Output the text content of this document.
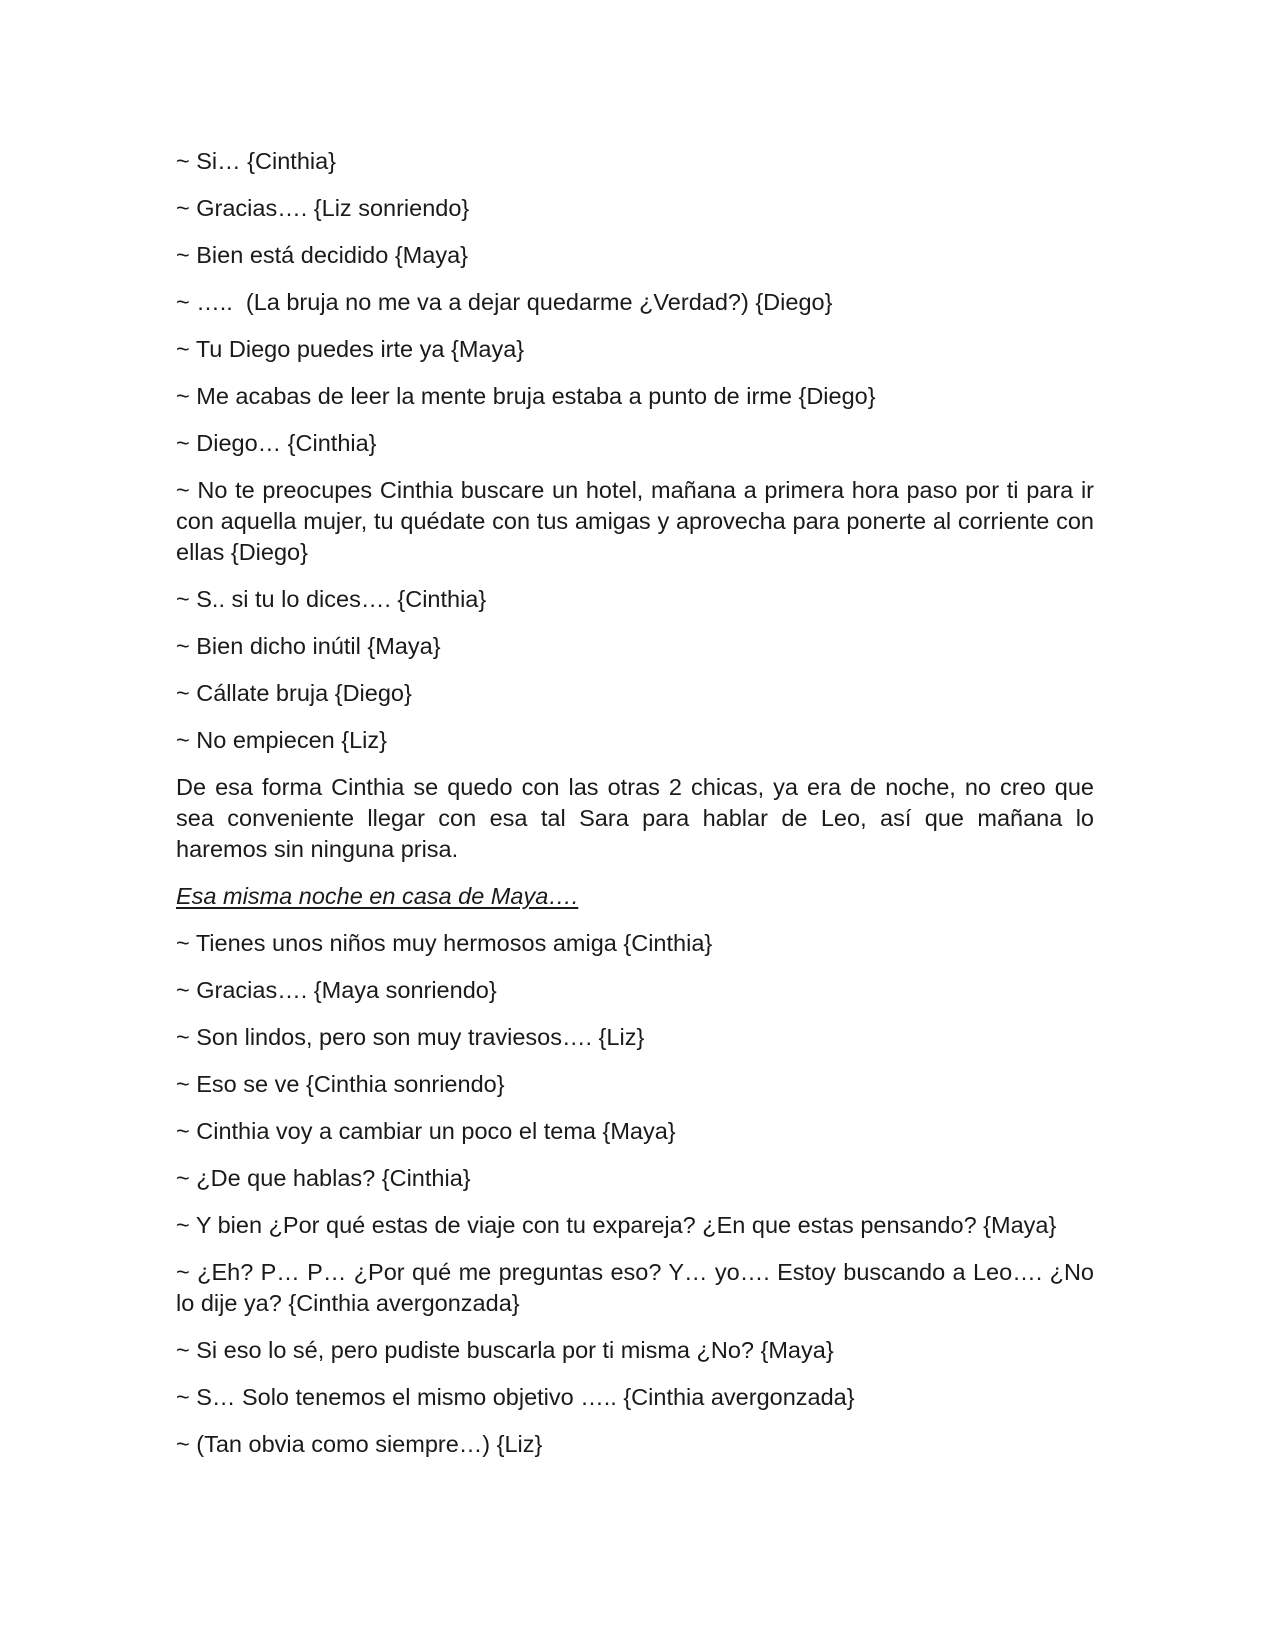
~ Si… {Cinthia}

~ Gracias…. {Liz sonriendo}

~ Bien está decidido {Maya}

~ …..  (La bruja no me va a dejar quedarme ¿Verdad?) {Diego}

~ Tu Diego puedes irte ya {Maya}

~ Me acabas de leer la mente bruja estaba a punto de irme {Diego}

~ Diego… {Cinthia}

~ No te preocupes Cinthia buscare un hotel, mañana a primera hora paso por ti para ir con aquella mujer, tu quédate con tus amigas y aprovecha para ponerte al corriente con ellas {Diego}

~ S.. si tu lo dices…. {Cinthia}

~ Bien dicho inútil {Maya}

~ Cállate bruja {Diego}

~ No empiecen {Liz}

De esa forma Cinthia se quedo con las otras 2 chicas, ya era de noche, no creo que sea conveniente llegar con esa tal Sara para hablar de Leo, así que mañana lo haremos sin ninguna prisa.

Esa misma noche en casa de Maya….

~ Tienes unos niños muy hermosos amiga {Cinthia}

~ Gracias…. {Maya sonriendo}

~ Son lindos, pero son muy traviesos…. {Liz}

~ Eso se ve {Cinthia sonriendo}

~ Cinthia voy a cambiar un poco el tema {Maya}

~ ¿De que hablas? {Cinthia}

~ Y bien ¿Por qué estas de viaje con tu expareja? ¿En que estas pensando? {Maya}

~ ¿Eh? P… P… ¿Por qué me preguntas eso? Y… yo…. Estoy buscando a Leo…. ¿No lo dije ya? {Cinthia avergonzada}

~ Si eso lo sé, pero pudiste buscarla por ti misma ¿No? {Maya}

~ S… Solo tenemos el mismo objetivo ….. {Cinthia avergonzada}

~ (Tan obvia como siempre…) {Liz}
